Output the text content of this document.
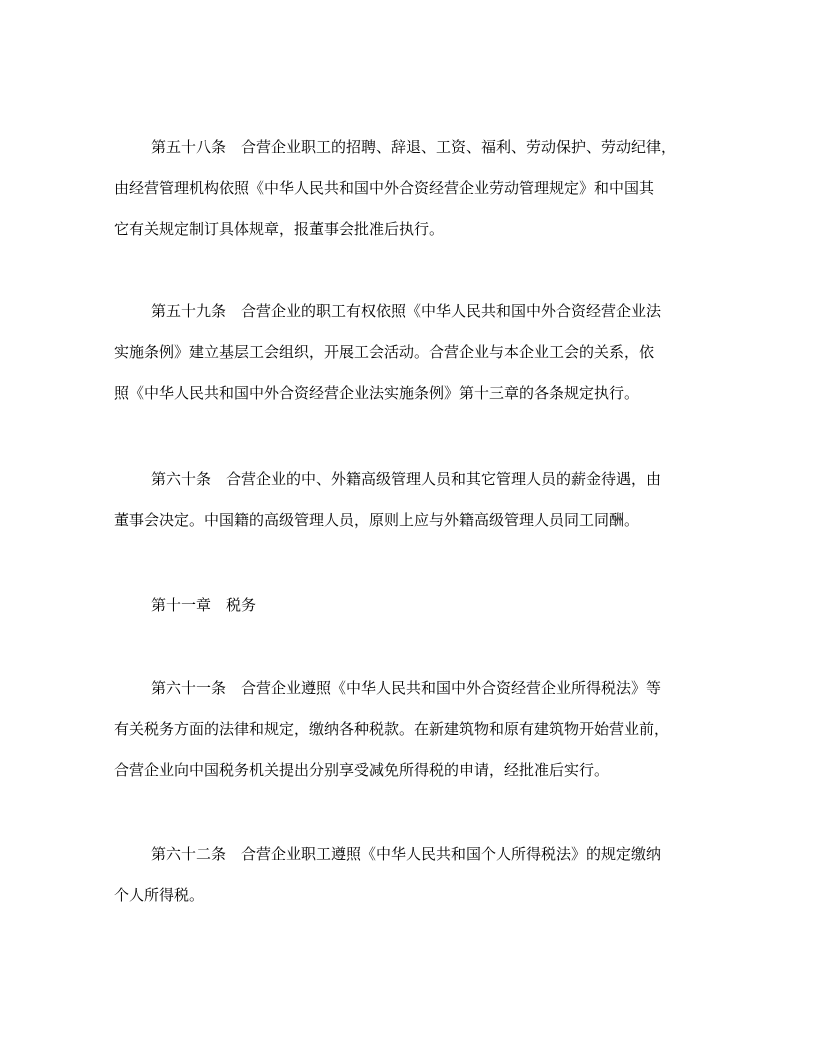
第五十八条　合营企业职工的招聘、辞退、工资、福利、劳动保护、劳动纪律，
由经营管理机构依照《中华人民共和国中外合资经营企业劳动管理规定》和中国其
它有关规定制订具体规章，报董事会批准后执行。
第五十九条　合营企业的职工有权依照《中华人民共和国中外合资经营企业法
实施条例》建立基层工会组织，开展工会活动。合营企业与本企业工会的关系，依
照《中华人民共和国中外合资经营企业法实施条例》第十三章的各条规定执行。
第六十条　合营企业的中、外籍高级管理人员和其它管理人员的薪金待遇，由
董事会决定。中国籍的高级管理人员，原则上应与外籍高级管理人员同工同酬。
第十一章　税务
第六十一条　合营企业遵照《中华人民共和国中外合资经营企业所得税法》等
有关税务方面的法律和规定，缴纳各种税款。在新建筑物和原有建筑物开始营业前，
合营企业向中国税务机关提出分别享受减免所得税的申请，经批准后实行。
第六十二条　合营企业职工遵照《中华人民共和国个人所得税法》的规定缴纳
个人所得税。
